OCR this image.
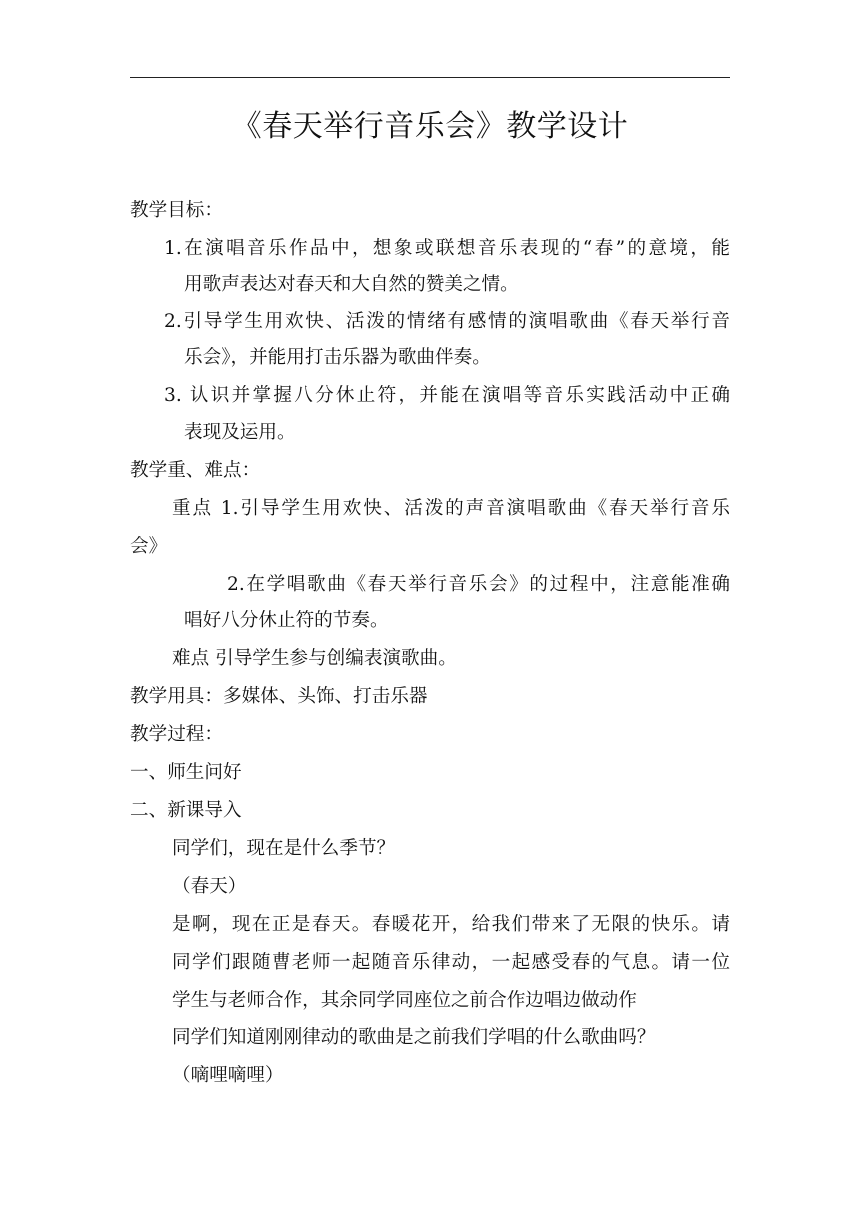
《春天举行音乐会》教学设计
教学目标：
1.在演唱音乐作品中，想象或联想音乐表现的“春”的意境，能
用歌声表达对春天和大自然的赞美之情。
2.引导学生用欢快、活泼的情绪有感情的演唱歌曲《春天举行音
乐会》，并能用打击乐器为歌曲伴奏。
3. 认识并掌握八分休止符，并能在演唱等音乐实践活动中正确
表现及运用。
教学重、难点：
重点 1.引导学生用欢快、活泼的声音演唱歌曲《春天举行音乐
会》
2.在学唱歌曲《春天举行音乐会》的过程中，注意能准确
唱好八分休止符的节奏。
难点 引导学生参与创编表演歌曲。
教学用具：多媒体、头饰、打击乐器
教学过程：
一、师生问好
二、新课导入
同学们，现在是什么季节？
（春天）
是啊，现在正是春天。春暖花开，给我们带来了无限的快乐。请
同学们跟随曹老师一起随音乐律动，一起感受春的气息。请一位
学生与老师合作，其余同学同座位之前合作边唱边做动作
同学们知道刚刚律动的歌曲是之前我们学唱的什么歌曲吗？
（嘀哩嘀哩）
